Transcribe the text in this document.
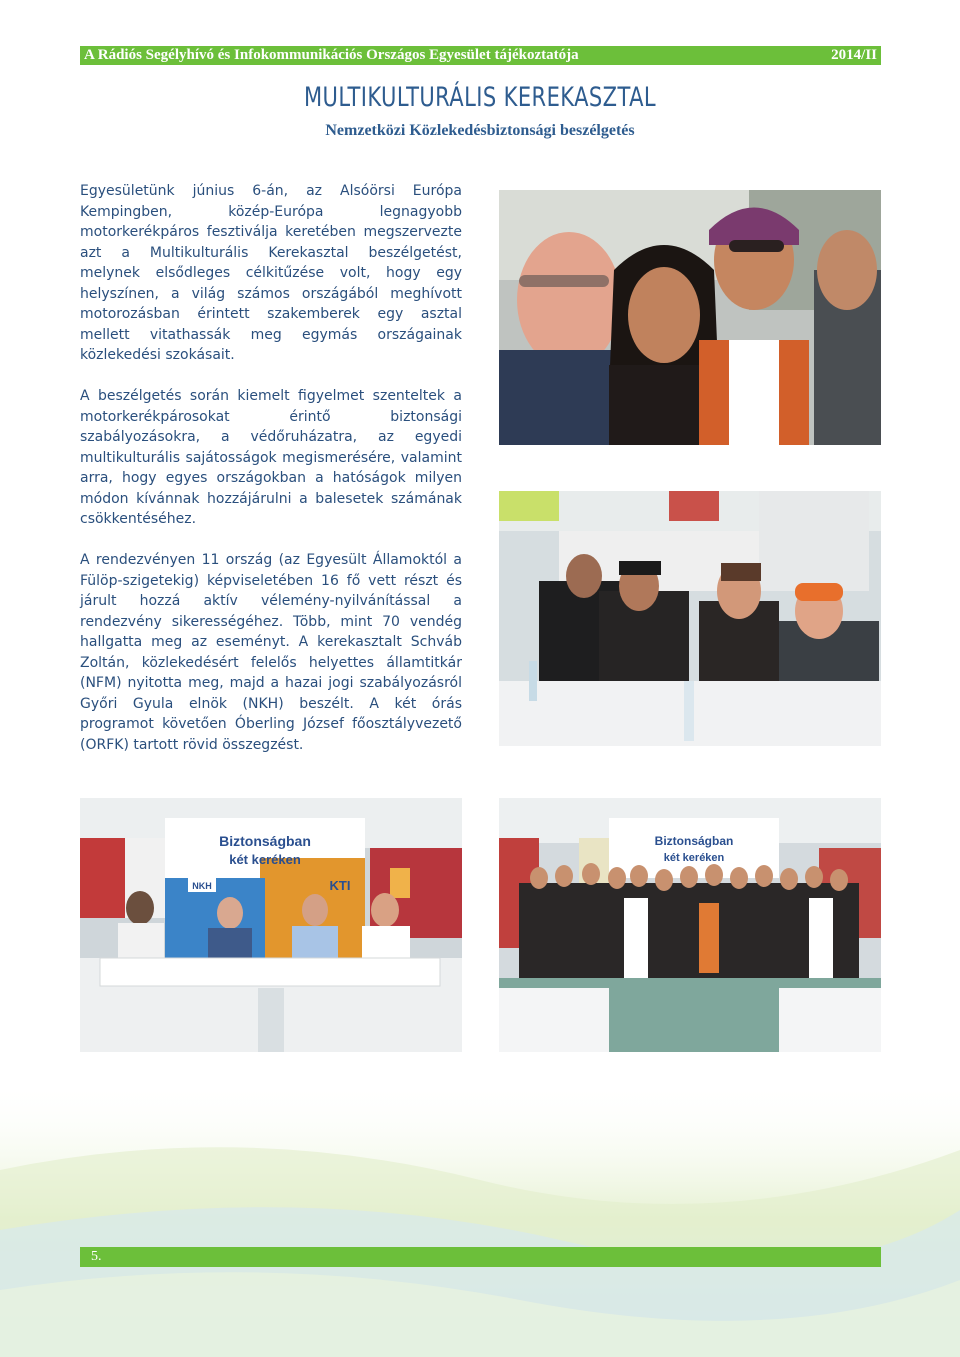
A Rádiós Segélyhívó és Infokommunikációs Országos Egyesület tájékoztatója	2014/II
MULTIKULTURÁLIS KEREKASZTAL
Nemzetközi Közlekedésbiztonsági beszélgetés

Egyesületünk június 6-án, az Alsóörsi Európa Kempingben, közép-Európa legnagyobb motorkerékpáros fesztiválja keretében megszervezte azt a Multikulturális Kerekasztal beszélgetést, melynek elsődleges célkitűzése volt, hogy egy helyszínen, a világ számos országából meghívott motorozásban érintett szakemberek egy asztal mellett vitathassák meg egymás országainak közlekedési szokásait.

A beszélgetés során kiemelt figyelmet szenteltek a motorkerékpárosokat érintő biztonsági szabályozásokra, a védőruházatra, az egyedi multikulturális sajátosságok megismerésére, valamint arra, hogy egyes országokban a hatóságok milyen módon kívánnak hozzájárulni a balesetek számának csökkentéséhez.

A rendezvényen 11 ország (az Egyesült Államoktól a Fülöp-szigetekig) képviseletében 16 fő vett részt és járult hozzá aktív vélemény-nyilvánítással a rendezvény sikerességéhez. Több, mint 70 vendég hallgatta meg az eseményt. A kerekasztalt Schváb Zoltán, közlekedésért felelős helyettes államtitkár (NFM) nyitotta meg, majd a hazai jogi szabályozásról Győri Gyula elnök (NKH) beszélt. A két órás programot követően Óberling József főosztályvezető (ORFK) tartott rövid összegzést.

Biztonságban
két keréken
NKH	KTI
Biztonságban
két keréken
5.
